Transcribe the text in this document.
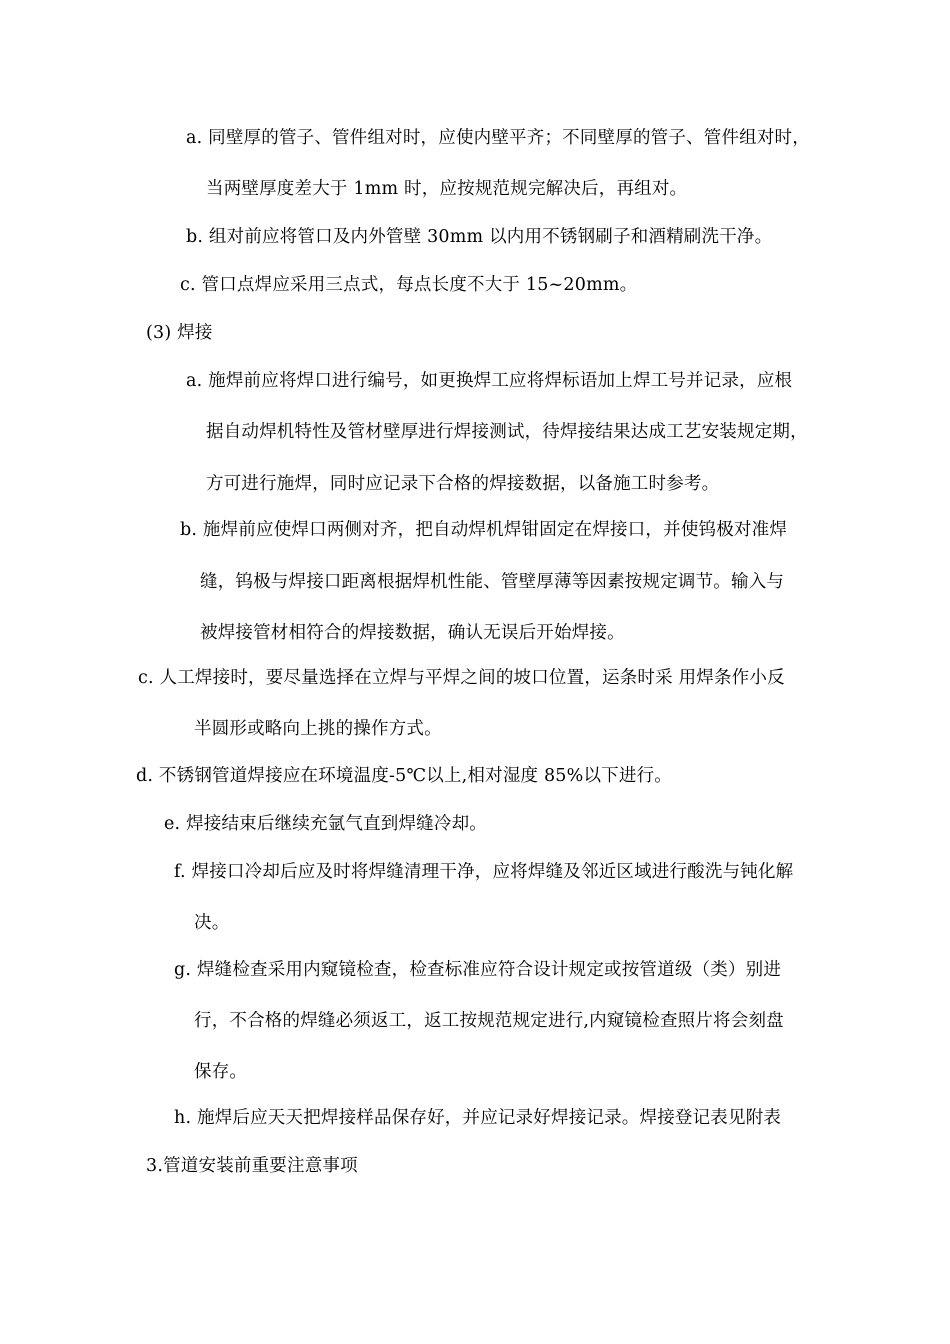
a. 同壁厚的管子、管件组对时，应使内壁平齐；不同壁厚的管子、管件组对时，
当两壁厚度差大于 1mm 时，应按规范规完解决后，再组对。
b. 组对前应将管口及内外管壁 30mm 以内用不锈钢刷子和酒精刷洗干净。
c. 管口点焊应采用三点式，每点长度不大于 15~20mm。
(3) 焊接
a. 施焊前应将焊口进行编号，如更换焊工应将焊标语加上焊工号并记录，应根
据自动焊机特性及管材壁厚进行焊接测试，待焊接结果达成工艺安装规定期，
方可进行施焊，同时应记录下合格的焊接数据，以备施工时参考。
b. 施焊前应使焊口两侧对齐，把自动焊机焊钳固定在焊接口，并使钨极对准焊
缝，钨极与焊接口距离根据焊机性能、管壁厚薄等因素按规定调节。输入与
被焊接管材相符合的焊接数据，确认无误后开始焊接。
c. 人工焊接时，要尽量选择在立焊与平焊之间的坡口位置，运条时采 用焊条作小反
半圆形或略向上挑的操作方式。
d. 不锈钢管道焊接应在环境温度-5℃以上,相对湿度 85%以下进行。
e. 焊接结束后继续充氩气直到焊缝冷却。
f. 焊接口冷却后应及时将焊缝清理干净，应将焊缝及邻近区域进行酸洗与钝化解
决。
g. 焊缝检查采用内窥镜检查，检查标准应符合设计规定或按管道级（类）别进
行，不合格的焊缝必须返工，返工按规范规定进行,内窥镜检查照片将会刻盘
保存。
h. 施焊后应天天把焊接样品保存好，并应记录好焊接记录。焊接登记表见附表
3.管道安装前重要注意事项
